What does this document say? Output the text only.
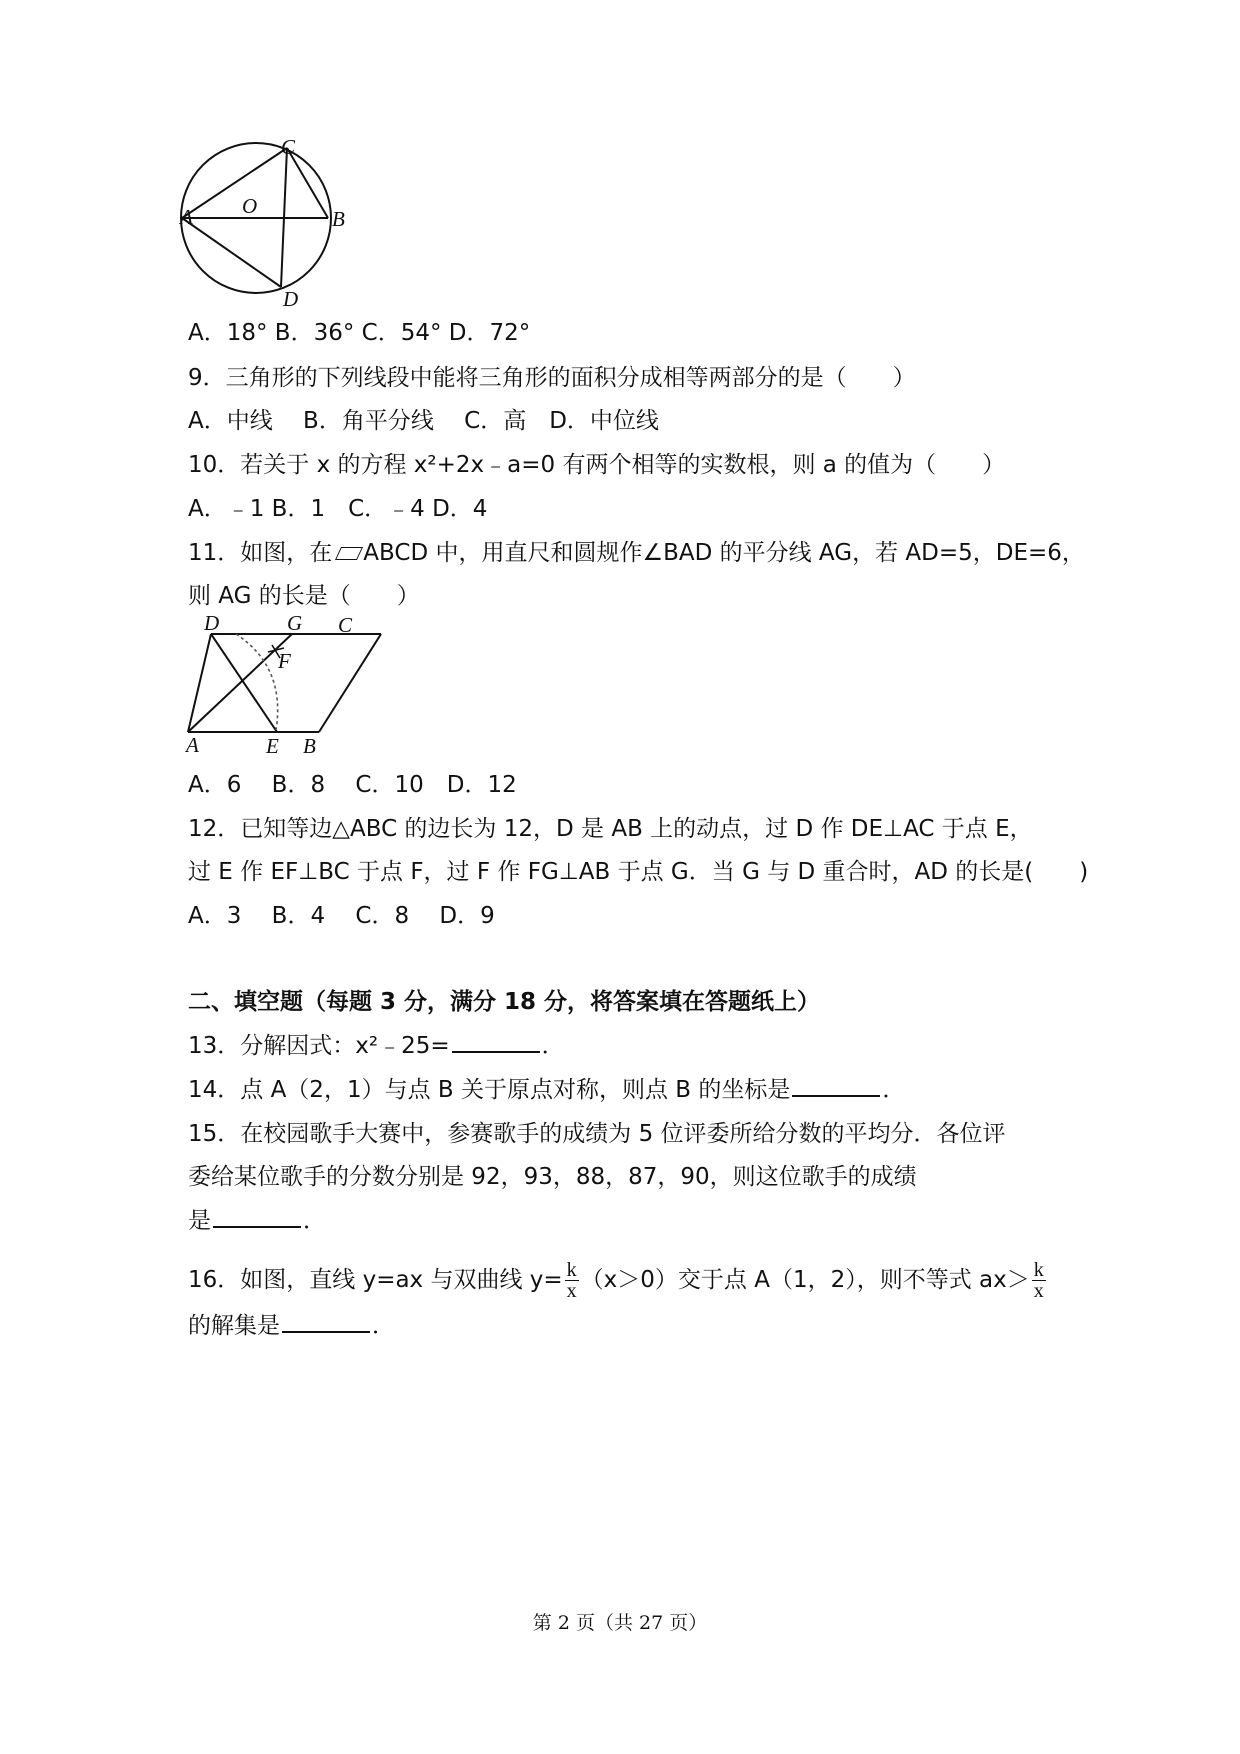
C
A O
B
D
A．18° B．36° C．54° D．72°
9．三角形的下列线段中能将三角形的面积分成相等两部分的是（　　）
A．中线　 B．角平分线　 C．高　D．中位线
10．若关于 x 的方程 x²+2x﹣a=0 有两个相等的实数根，则 a 的值为（　　）
A．﹣1 B．1　C．﹣4 D．4
11．如图，在 ABCD 中，用直尺和圆规作∠BAD 的平分线 AG，若 AD=5，DE=6，
则 AG 的长是（　　）
D	G C
F
A	E B
A．6　 B．8　 C．10　D．12
12．已知等边△ABC 的边长为 12，D 是 AB 上的动点，过 D 作 DE⊥AC 于点 E，
过 E 作 EF⊥BC 于点 F，过 F 作 FG⊥AB 于点 G．当 G 与 D 重合时，AD 的长是(　　)
A．3　 B．4　 C．8　 D．9
二、填空题（每题 3 分，满分 18 分，将答案填在答题纸上）
13．分解因式：x²﹣25=	．
14．点 A（2，1）与点 B 关于原点对称，则点 B 的坐标是	．
15．在校园歌手大赛中，参赛歌手的成绩为 5 位评委所给分数的平均分．各位评
委给某位歌手的分数分别是 92，93，88，87，90，则这位歌手的成绩
是	．
16．如图，直线 y=ax 与双曲线 $y= \frac{k}{x} (x>0)$交于点 A（1，2），则不等式 $ax> \frac{k}{x}$
的解集是	．
第 2 页（共 27 页）
